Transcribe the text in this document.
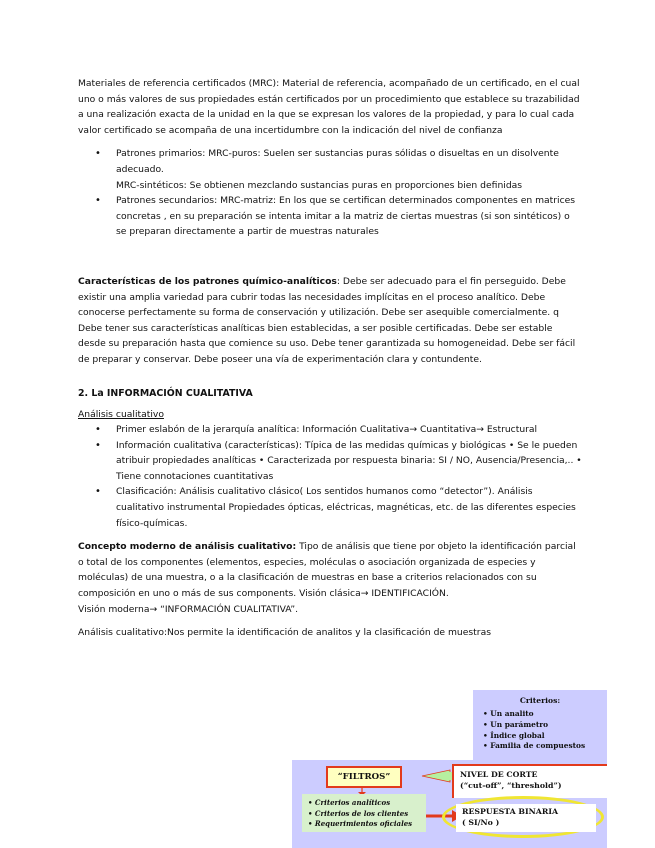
Materiales de referencia certificados (MRC): Material de referencia, acompañado de un certificado, en el cual uno o más valores de sus propiedades están certificados por un procedimiento que establece su trazabilidad a una realización exacta de la unidad en la que se expresan los valores de la propiedad, y para lo cual cada valor certificado se acompaña de una incertidumbre con la indicación del nivel de confianza

• Patrones primarios: MRC-puros: Suelen ser sustancias puras sólidas o disueltas en un disolvente adecuado.

MRC-sintéticos: Se obtienen mezclando sustancias puras en proporciones bien definidas

• Patrones secundarios: MRC-matriz: En los que se certifican determinados componentes en matrices concretas , en su preparación se intenta imitar a la matriz de ciertas muestras (si son sintéticos) o se preparan directamente a partir de muestras naturales

Características de los patrones químico-analíticos: Debe ser adecuado para el fin perseguido. Debe existir una amplia variedad para cubrir todas las necesidades implícitas en el proceso analítico. Debe conocerse perfectamente su forma de conservación y utilización. Debe ser asequible comercialmente. q Debe tener sus características analíticas bien establecidas, a ser posible certificadas. Debe ser estable desde su preparación hasta que comience su uso. Debe tener garantizada su homogeneidad. Debe ser fácil de preparar y conservar. Debe poseer una vía de experimentación clara y contundente.

2. La INFORMACIÓN CUALITATIVA

Análisis cualitativo

• Primer eslabón de la jerarquía analítica: Información Cualitativa→ Cuantitativa→ Estructural
• Información cualitativa (características): Típica de las medidas químicas y biológicas • Se le pueden atribuir propiedades analíticas • Caracterizada por respuesta binaria: SI / NO, Ausencia/Presencia,.. • Tiene connotaciones cuantitativas
• Clasificación: Análisis cualitativo clásico( Los sentidos humanos como “detector”). Análisis cualitativo instrumental Propiedades ópticas, eléctricas, magnéticas, etc. de las diferentes especies físico-químicas.

Concepto moderno de análisis cualitativo: Tipo de análisis que tiene por objeto la identificación parcial o total de los componentes (elementos, especies, moléculas o asociación organizada de especies y moléculas) de una muestra, o a la clasificación de muestras en base a criterios relacionados con su composición en uno o más de sus components. Visión clásica→ IDENTIFICACIÓN.

Visión moderna→ “INFORMACIÓN CUALITATIVA”.

Análisis cualitativo:Nos permite la identificación de analitos y la clasificación de muestras

Criterios:
• Un analito
• Un parámetro
• Índice global
• Familia de compuestos
“FILTROS”
• Criterios analíticos
• Criterios de los clientes
• Requerimientos oficiales
NIVEL DE CORTE
(“cut-off”, “threshold”)
RESPUESTA BINARIA
( SI/No )
